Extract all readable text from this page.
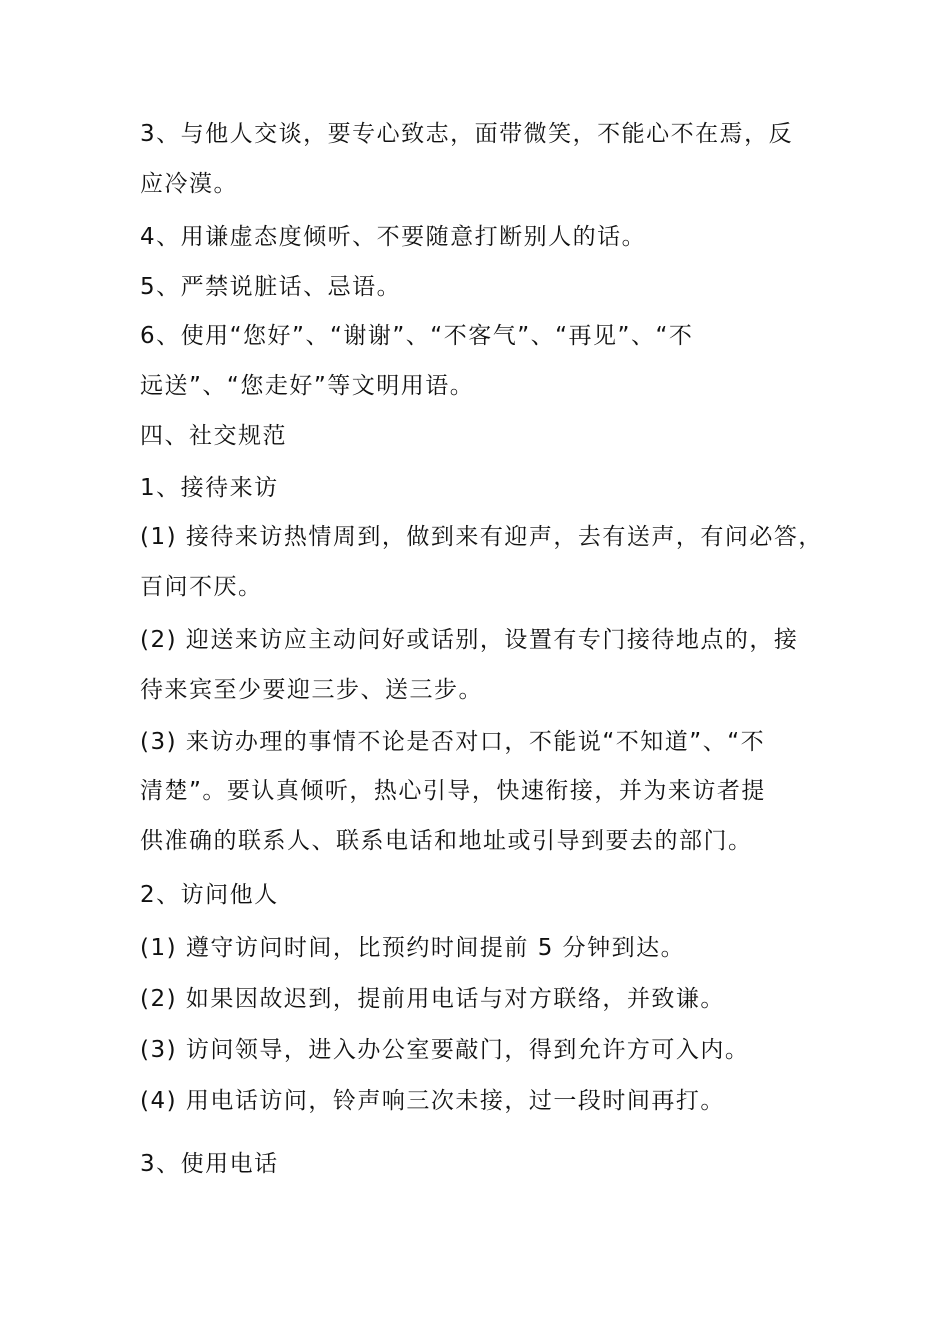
3、与他人交谈，要专心致志，面带微笑，不能心不在焉，反
应冷漠。
4、用谦虚态度倾听、不要随意打断别人的话。
5、严禁说脏话、忌语。
6、使用“您好”、“谢谢”、“不客气”、“再见”、“不
远送”、“您走好”等文明用语。
四、社交规范
1、接待来访
(1) 接待来访热情周到，做到来有迎声，去有送声，有问必答，
百问不厌。
(2) 迎送来访应主动问好或话别，设置有专门接待地点的，接
待来宾至少要迎三步、送三步。
(3) 来访办理的事情不论是否对口，不能说“不知道”、“不
清楚”。要认真倾听，热心引导，快速衔接，并为来访者提
供准确的联系人、联系电话和地址或引导到要去的部门。
2、访问他人
(1) 遵守访问时间，比预约时间提前 5 分钟到达。
(2) 如果因故迟到，提前用电话与对方联络，并致谦。
(3) 访问领导，进入办公室要敲门，得到允许方可入内。
(4) 用电话访问，铃声响三次未接，过一段时间再打。
3、使用电话
